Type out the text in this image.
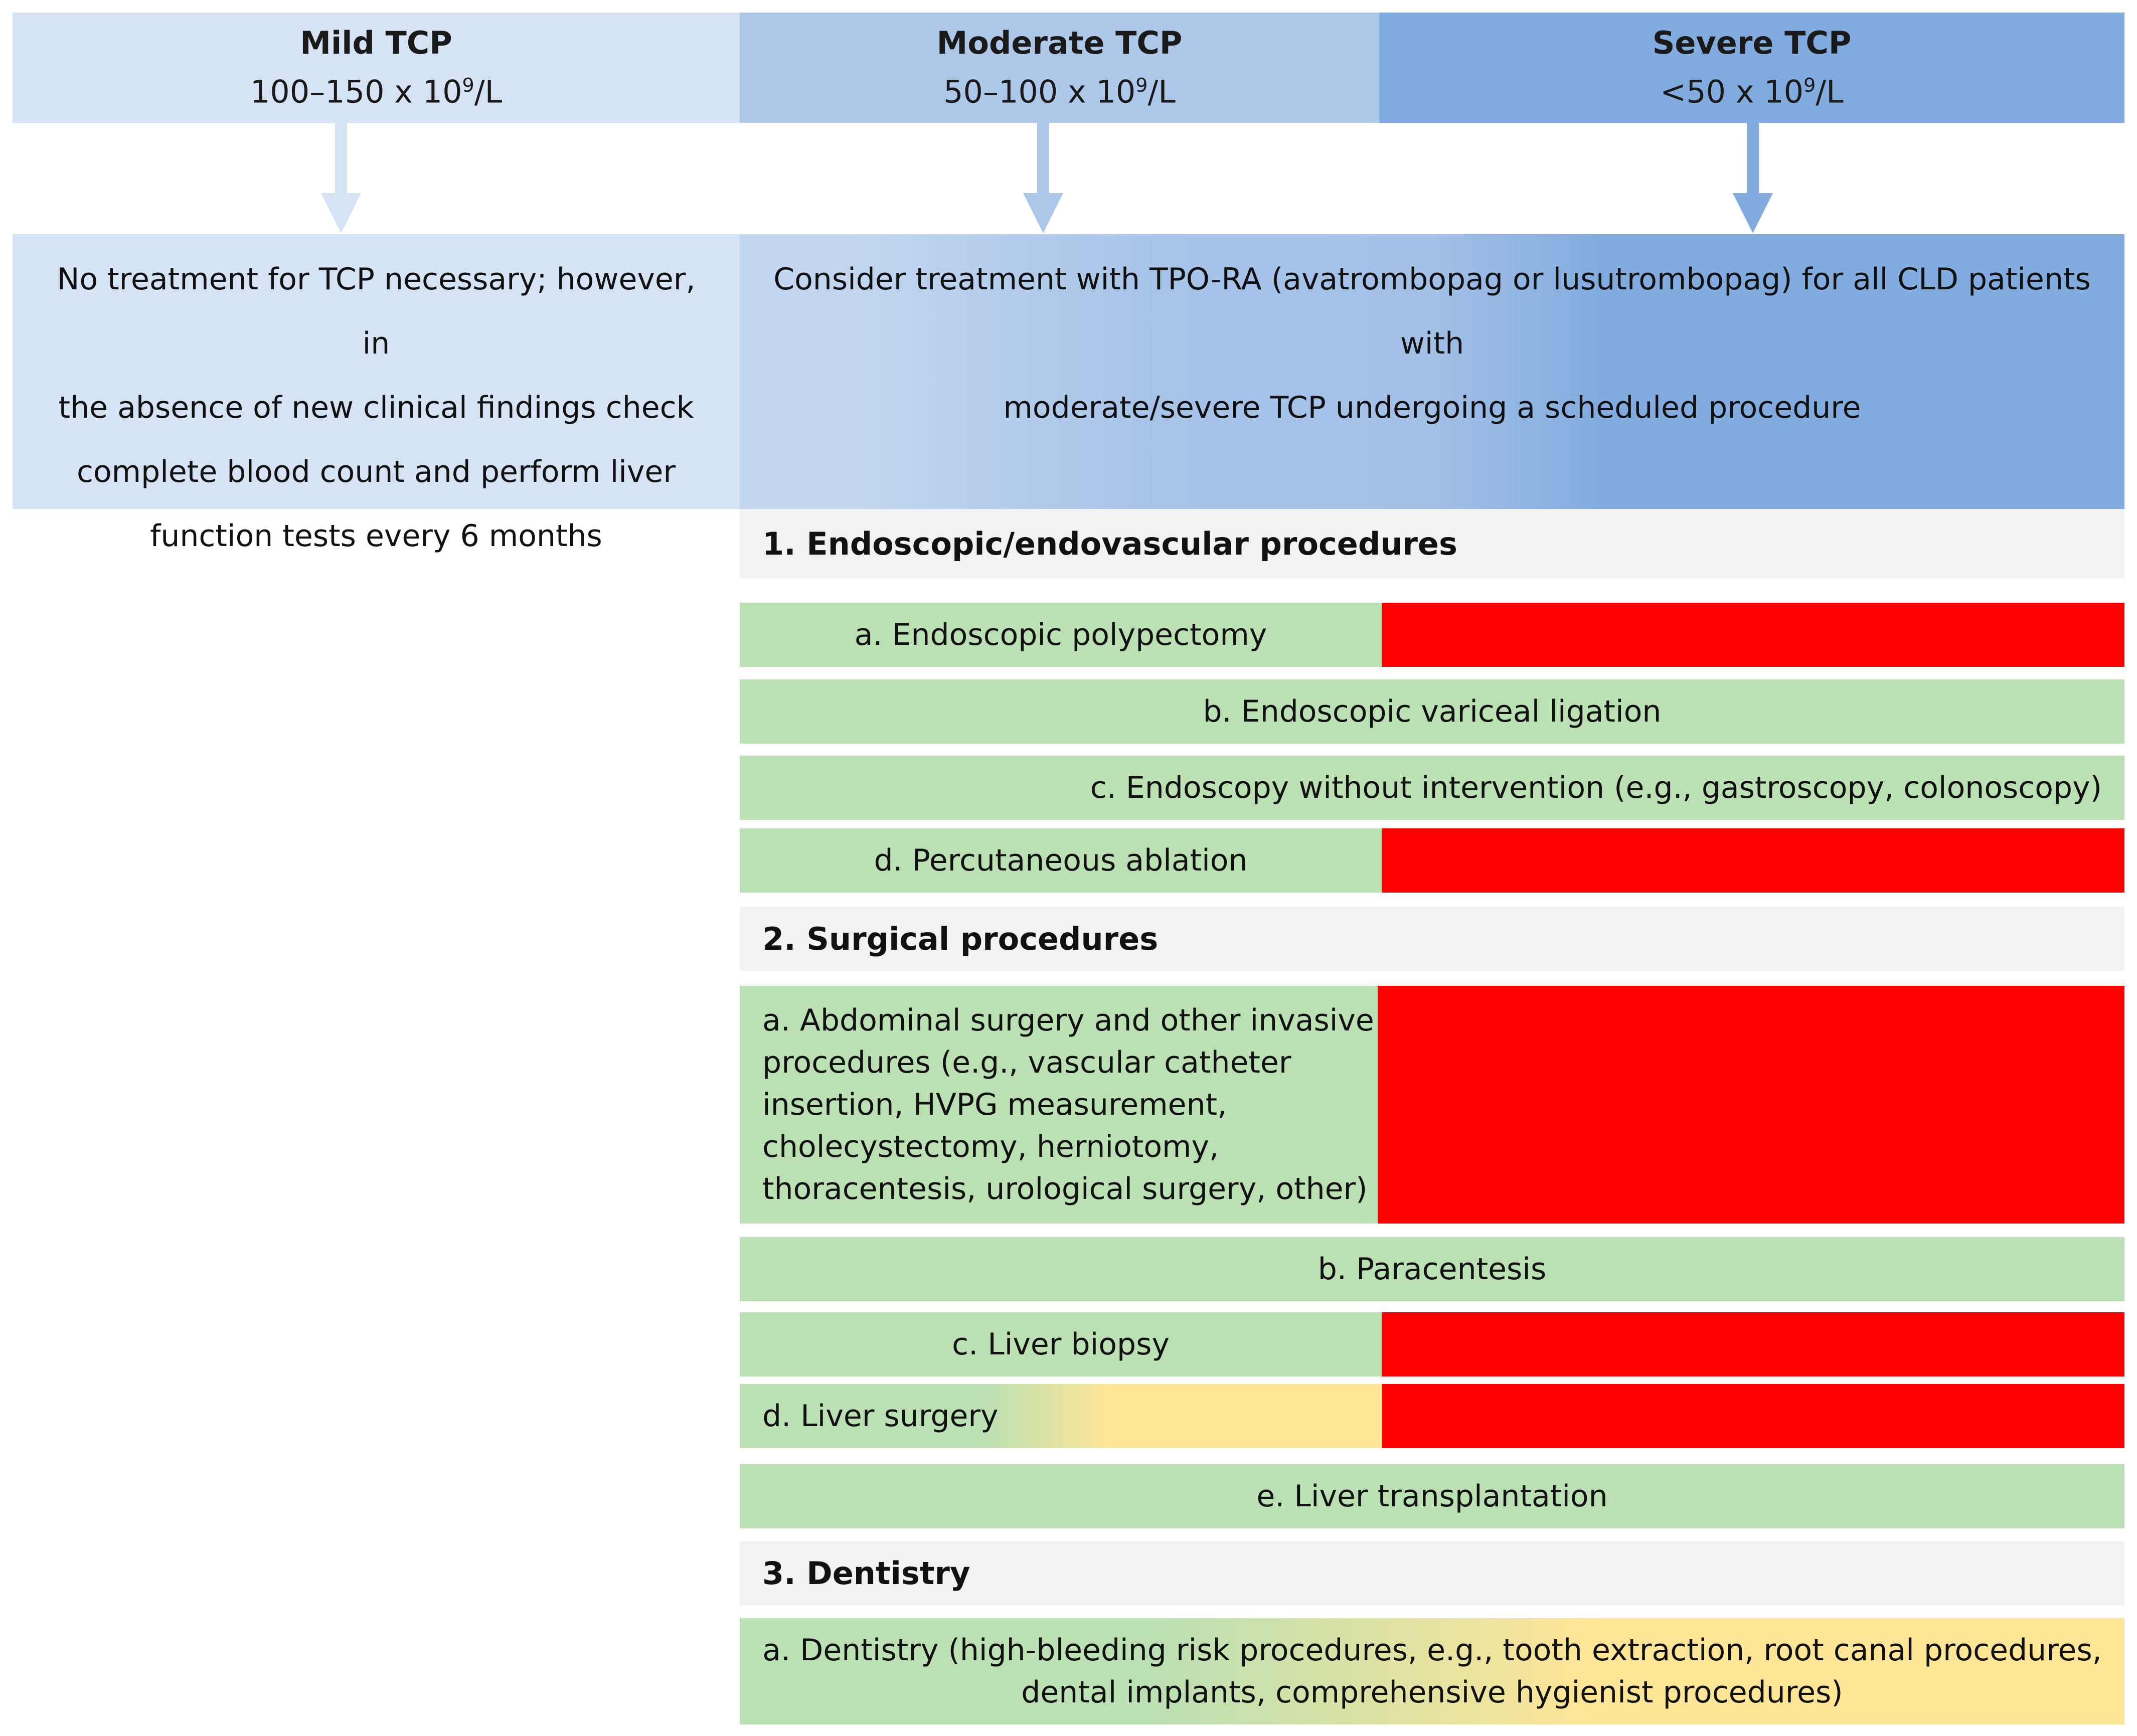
Mild TCP
100–150 x $10^9/L$
Moderate TCP
50–100 x $10^9/L$
Severe TCP
<50 x $10^9/L$
No treatment for TCP necessary; however, in
the absence of new clinical findings check
complete blood count and perform liver
function tests every 6 months
Consider treatment with TPO-RA (avatrombopag or lusutrombopag) for all CLD patients with
moderate/severe TCP undergoing a scheduled procedure
1. Endoscopic/endovascular procedures
a. Endoscopic polypectomy
b. Endoscopic variceal ligation
c. Endoscopy without intervention (e.g., gastroscopy, colonoscopy)
d. Percutaneous ablation
2. Surgical procedures
a. Abdominal surgery and other invasive
procedures (e.g., vascular catheter
insertion, HVPG measurement,
cholecystectomy, herniotomy,
thoracentesis, urological surgery, other)
b. Paracentesis
c. Liver biopsy
d. Liver surgery
e. Liver transplantation
3. Dentistry
a. Dentistry (high-bleeding risk procedures, e.g., tooth extraction, root canal procedures,
dental implants, comprehensive hygienist procedures)
